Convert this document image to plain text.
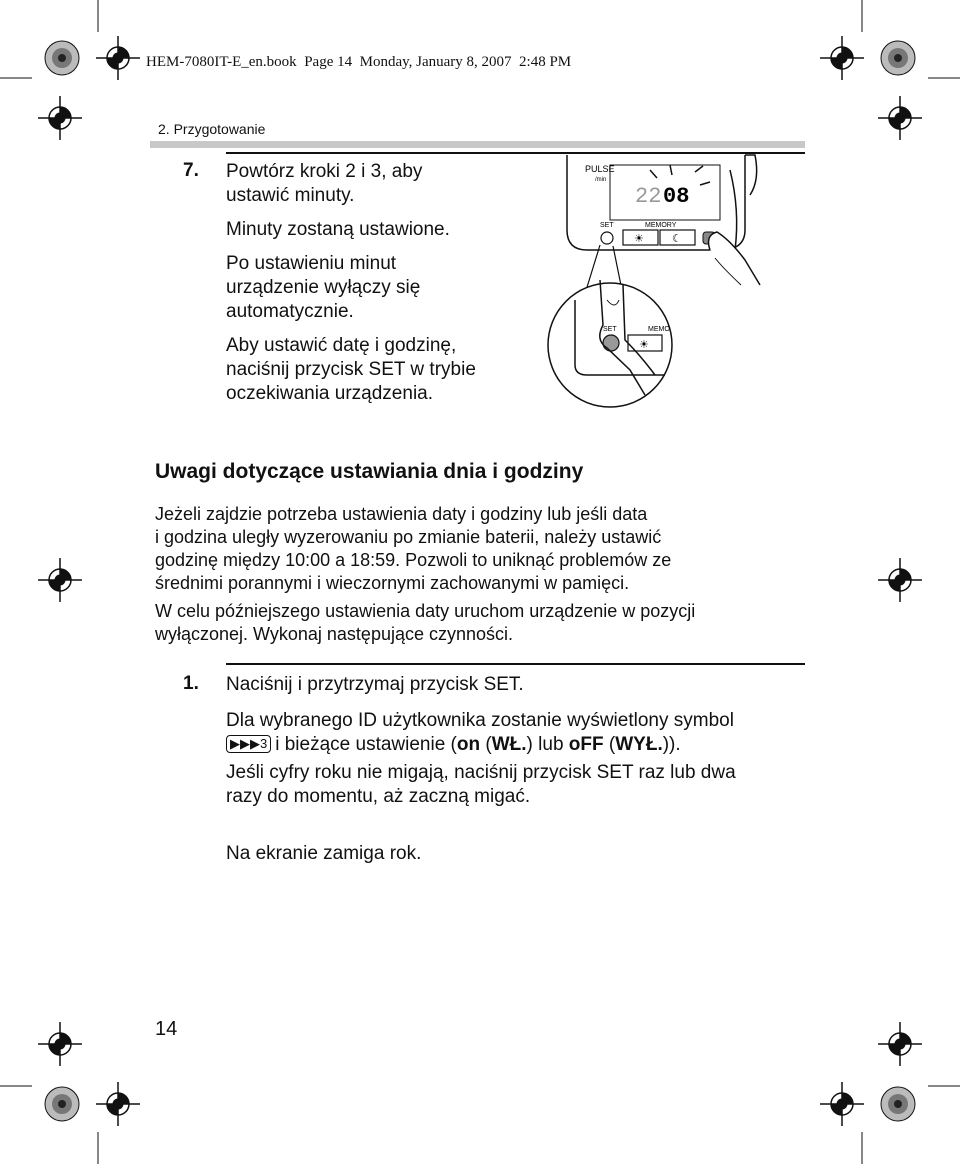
HEM-7080IT-E_en.book Page 14 Monday, January 8, 2007 2:48 PM
2. Przygotowanie
7. Powtórz kroki 2 i 3, aby
ustawić minuty.
Minuty zostaną ustawione.
Po ustawieniu minut
urządzenie wyłączy się
automatycznie.
Aby ustawić datę i godzinę,
naciśnij przycisk SET w trybie
oczekiwania urządzenia.
PULSE
/min
22 08
SET	MEMORY
☀	☾
SET	MEMO
☀
Uwagi dotyczące ustawiania dnia i godziny
Jeżeli zajdzie potrzeba ustawienia daty i godziny lub jeśli data
i godzina uległy wyzerowaniu po zmianie baterii, należy ustawić
godzinę między 10:00 a 18:59. Pozwoli to uniknąć problemów ze
średnimi porannymi i wieczornymi zachowanymi w pamięci.
W celu późniejszego ustawienia daty uruchom urządzenie w pozycji
wyłączonej. Wykonaj następujące czynności.
1. Naciśnij i przytrzymaj przycisk SET.
Dla wybranego ID użytkownika zostanie wyświetlony symbol
▶▶▶3 i bieżące ustawienie (on (WŁ.) lub oFF (WYŁ.)).
Jeśli cyfry roku nie migają, naciśnij przycisk SET raz lub dwa
razy do momentu, aż zaczną migać.
Na ekranie zamiga rok.
14
